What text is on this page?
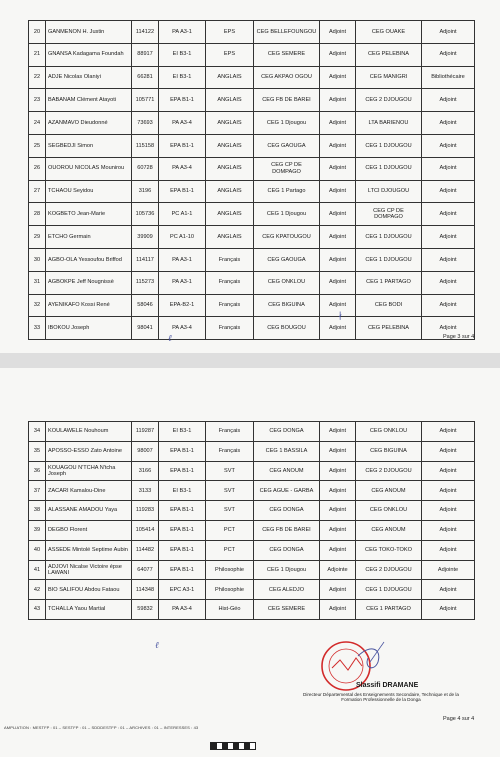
20	GANMENON H. Justin	114122	PA A3-1	EPS	CEG BELLEFOUNGOU	Adjoint	CEG OUAKE	Adjoint
21	GNANSA Kadagama Foundah	88917	EI B3-1	EPS	CEG SEMERE	Adjoint	CEG PELEBINA	Adjoint
22	ADJE Nicolas Olaniyi	66281	EI B3-1	ANGLAIS	CEG AKPAO OGOU	Adjoint	CEG MANIGRI	Bibliothécaire
23	BABANAM Clément Atayoti	105771	EPA B1-1	ANGLAIS	CEG FB DE BAREI	Adjoint	CEG 2 DJOUGOU	Adjoint
24	AZANMAVO Dieudonné	73693	PA A3-4	ANGLAIS	CEG 1 Djougou	Adjoint	LTA BARIENOU	Adjoint
25	SEGBEDJI Simon	115158	EPA B1-1	ANGLAIS	CEG GAOUGA	Adjoint	CEG 1 DJOUGOU	Adjoint
26	OUOROU NICOLAS Mounirou	60728	PA A3-4	ANGLAIS	CEG CP DE DOMPAGO	Adjoint	CEG 1 DJOUGOU	Adjoint
27	TCHAOU Seyidou	3196	EPA B1-1	ANGLAIS	CEG 1 Partago	Adjoint	LTCI DJOUGOU	Adjoint
28	KOGBETO Jean-Marie	105736	PC A1-1	ANGLAIS	CEG 1 Djougou	Adjoint	CEG CP DE DOMPAGO	Adjoint
29	ETCHO Germain	39909	PC A1-10	ANGLAIS	CEG KPATOUGOU	Adjoint	CEG 1 DJOUGOU	Adjoint
30	AGBO-OLA Yessoufou Briffod	114117	PA A3-1	Français	CEG GAOUGA	Adjoint	CEG 1 DJOUGOU	Adjoint
31	AGBOKPE Jeff Nougnissè	115273	PA A3-1	Français	CEG ONKLOU	Adjoint	CEG 1 PARTAGO	Adjoint
32	AYENIKAFO Kossi René	58046	EPA-B2-1	Français	CEG BIGUINA	Adjoint	CEG BODI	Adjoint
33	IBOKOU Joseph	98041	PA A3-4	Français	CEG BOUGOU	Adjoint	CEG PELEBINA	Adjoint
ℓ
∤
Page 3 sur 4
34	KOULAWELE Nouhoum	119287	EI B3-1	Français	CEG DONGA	Adjoint	CEG ONKLOU	Adjoint
35	APOSSO-ESSO Zato Antoine	98007	EPA B1-1	Français	CEG 1 BASSILA	Adjoint	CEG BIGUINA	Adjoint
36	KOUAGOU N'TCHA N'tcha Joseph	3166	EPA B1-1	SVT	CEG ANOUM	Adjoint	CEG 2 DJOUGOU	Adjoint
37	ZACARI Kamalou-Dine	3133	EI B3-1	SVT	CEG AGUE - GARBA	Adjoint	CEG ANOUM	Adjoint
38	ALASSANE AMADOU Yaya	119283	EPA B1-1	SVT	CEG DONGA	Adjoint	CEG ONKLOU	Adjoint
39	DEGBO Florent	105414	EPA B1-1	PCT	CEG FB DE BAREI	Adjoint	CEG ANOUM	Adjoint
40	ASSEDE Mintolé Septime Aubin	114482	EPA B1-1	PCT	CEG DONGA	Adjoint	CEG TOKO-TOKO	Adjoint
41	ADJOVI Nicalse Victoire épse LAWANI	64077	EPA B1-1	Philosophie	CEG 1 Djougou	Adjointe	CEG 2 DJOUGOU	Adjointe
42	BIO SALIFOU Abdou Fataou	114348	EPC A3-1	Philosophie	CEG ALEDJO	Adjoint	CEG 1 DJOUGOU	Adjoint
43	TCHALLA Yaou Martial	59832	PA A3-4	Hist-Géo	CEG SEMERE	Adjoint	CEG 1 PARTAGO	Adjoint
ℓ
Slassifi DRAMANE
Directeur Départemental des Enseignements Secondaire, Technique et de la Formation Professionnelle de la Donga
Page 4 sur 4
AMPLIATION : MESTFP : 01 – SESTFP : 01 – SDDDESTFP : 01 – ARCHIVES : 01 – INTERESSES : 43
